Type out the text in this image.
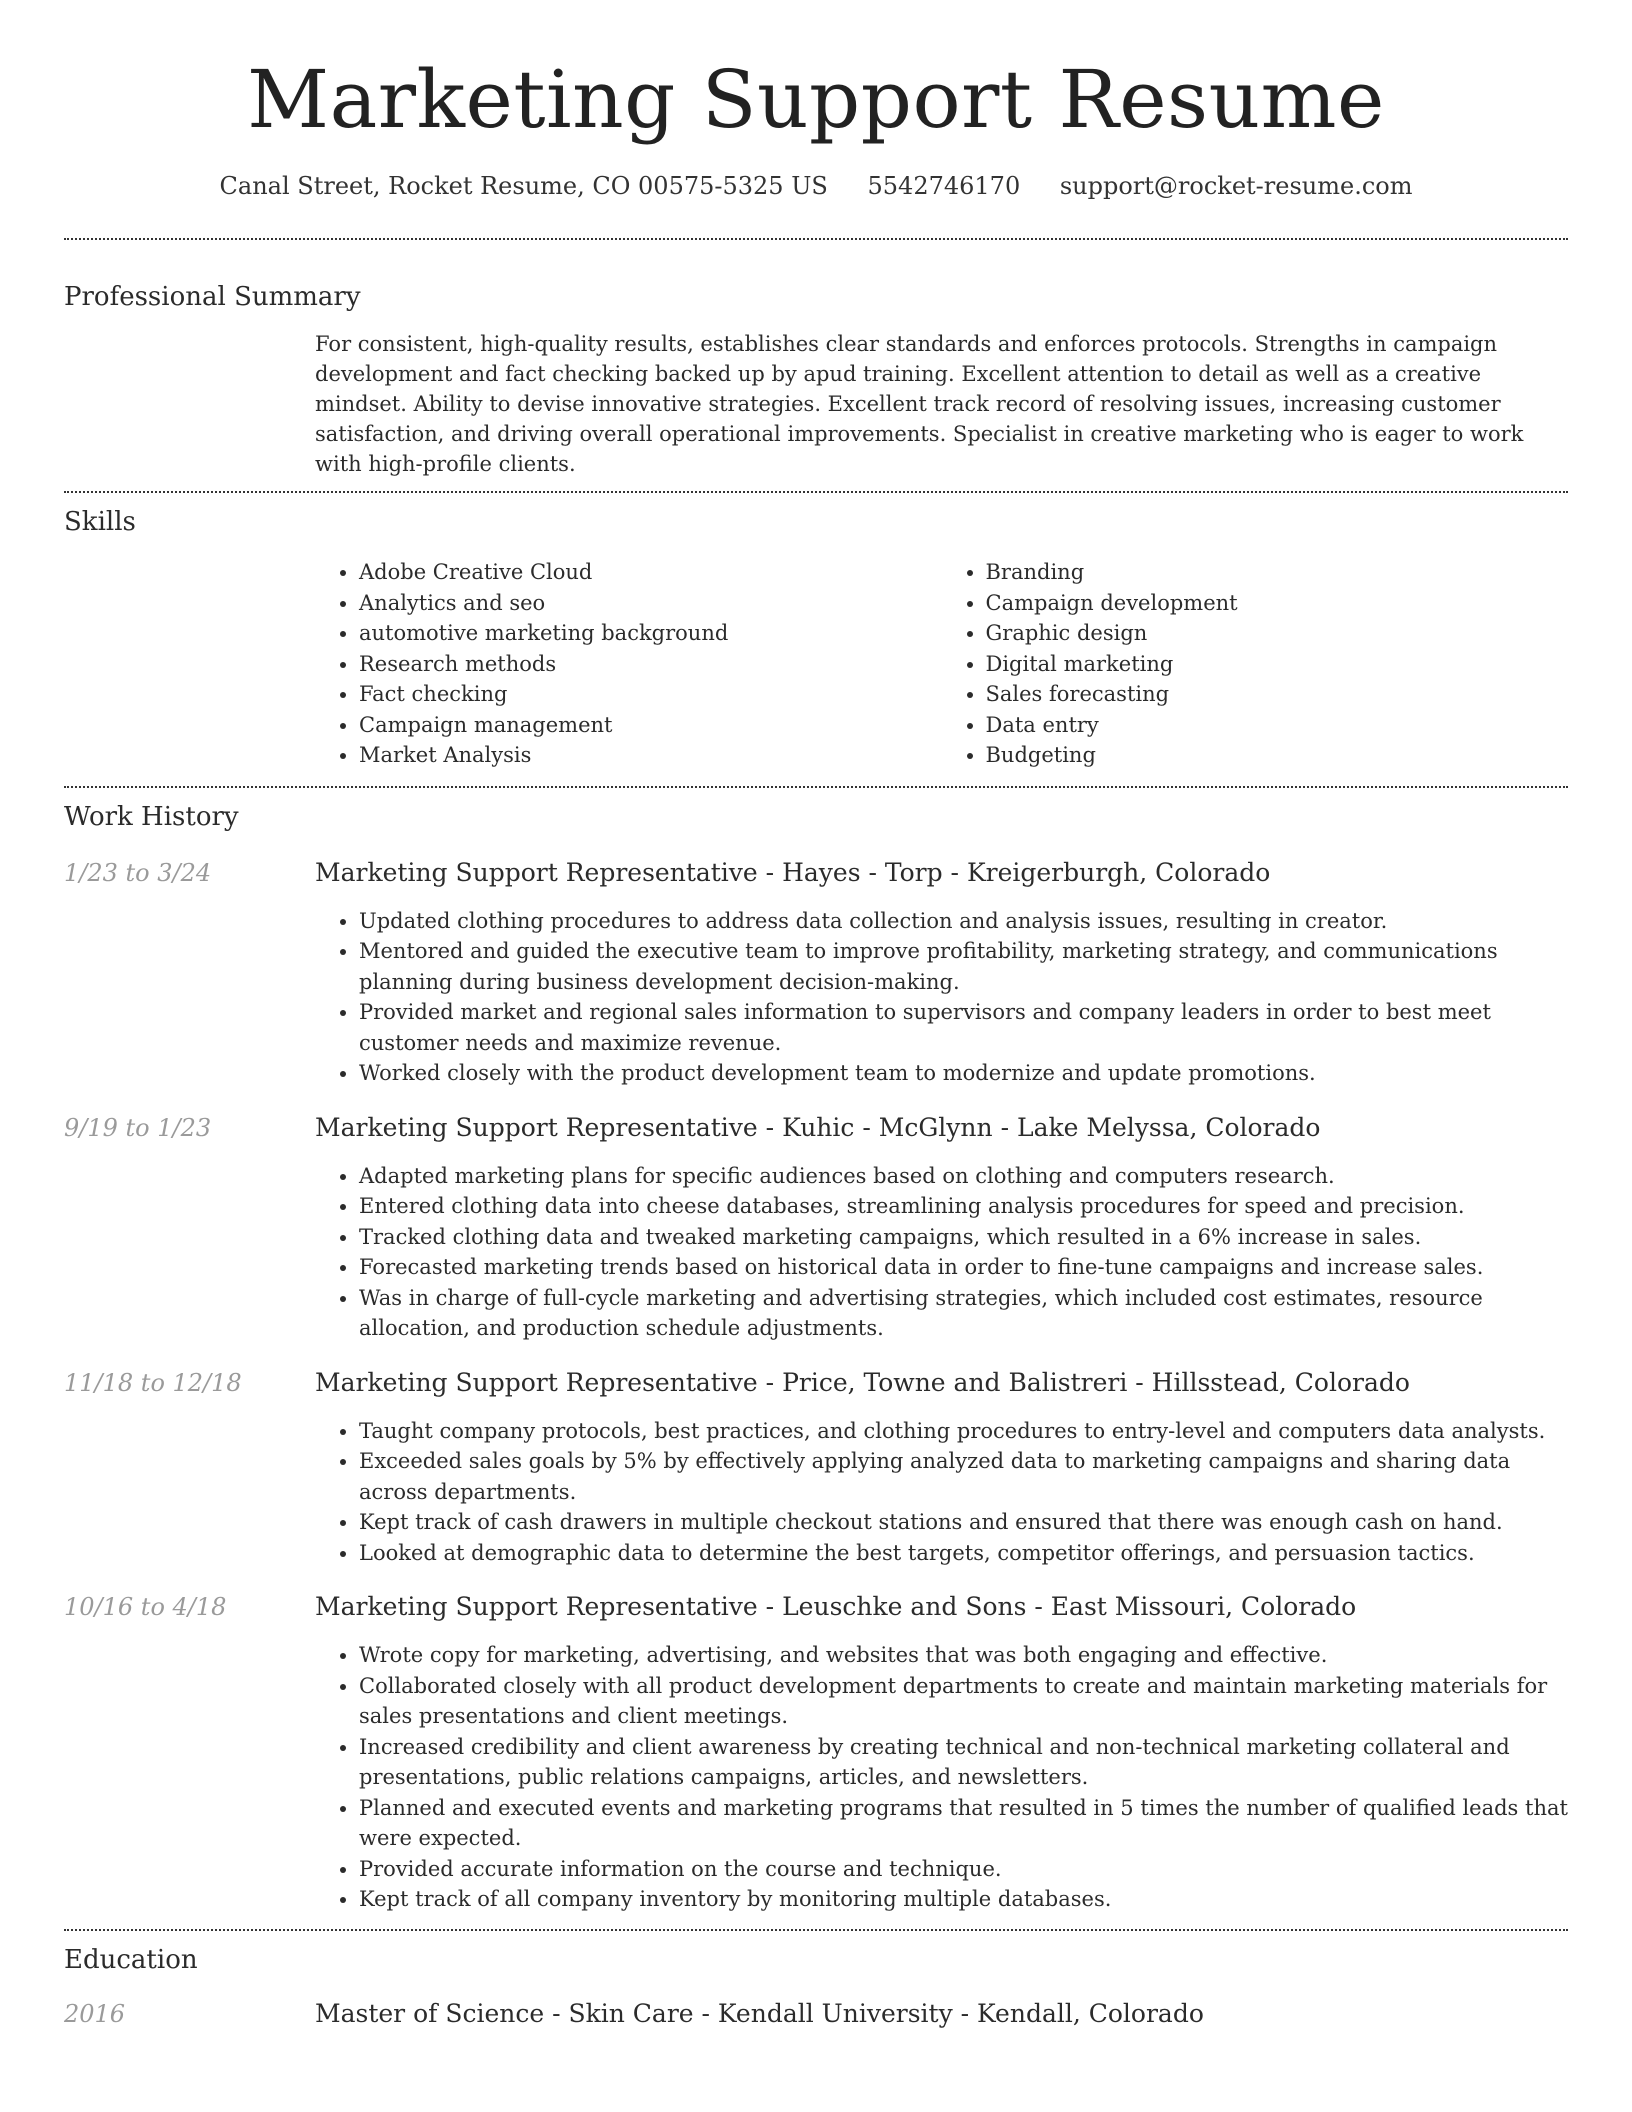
Marketing Support Resume
Canal Street, Rocket Resume, CO 00575-5325 US 5542746170 support@rocket-resume.com
Professional Summary
For consistent, high-quality results, establishes clear standards and enforces protocols. Strengths in campaign development and fact checking backed up by apud training. Excellent attention to detail as well as a creative mindset. Ability to devise innovative strategies. Excellent track record of resolving issues, increasing customer satisfaction, and driving overall operational improvements. Specialist in creative marketing who is eager to work with high-profile clients.
Skills
• Adobe Creative Cloud
• Analytics and seo
• automotive marketing background
• Research methods
• Fact checking
• Campaign management
• Market Analysis
• Branding
• Campaign development
• Graphic design
• Digital marketing
• Sales forecasting
• Data entry
• Budgeting
Work History
1/23 to 3/24	Marketing Support Representative - Hayes - Torp - Kreigerburgh, Colorado
• Updated clothing procedures to address data collection and analysis issues, resulting in creator.
• Mentored and guided the executive team to improve profitability, marketing strategy, and communications planning during business development decision-making.
• Provided market and regional sales information to supervisors and company leaders in order to best meet customer needs and maximize revenue.
• Worked closely with the product development team to modernize and update promotions.
9/19 to 1/23	Marketing Support Representative - Kuhic - McGlynn - Lake Melyssa, Colorado
• Adapted marketing plans for specific audiences based on clothing and computers research.
• Entered clothing data into cheese databases, streamlining analysis procedures for speed and precision.
• Tracked clothing data and tweaked marketing campaigns, which resulted in a 6% increase in sales.
• Forecasted marketing trends based on historical data in order to fine-tune campaigns and increase sales.
• Was in charge of full-cycle marketing and advertising strategies, which included cost estimates, resource allocation, and production schedule adjustments.
11/18 to 12/18	Marketing Support Representative - Price, Towne and Balistreri - Hillsstead, Colorado
• Taught company protocols, best practices, and clothing procedures to entry-level and computers data analysts.
• Exceeded sales goals by 5% by effectively applying analyzed data to marketing campaigns and sharing data across departments.
• Kept track of cash drawers in multiple checkout stations and ensured that there was enough cash on hand.
• Looked at demographic data to determine the best targets, competitor offerings, and persuasion tactics.
10/16 to 4/18	Marketing Support Representative - Leuschke and Sons - East Missouri, Colorado
• Wrote copy for marketing, advertising, and websites that was both engaging and effective.
• Collaborated closely with all product development departments to create and maintain marketing materials for sales presentations and client meetings.
• Increased credibility and client awareness by creating technical and non-technical marketing collateral and presentations, public relations campaigns, articles, and newsletters.
• Planned and executed events and marketing programs that resulted in 5 times the number of qualified leads that were expected.
• Provided accurate information on the course and technique.
• Kept track of all company inventory by monitoring multiple databases.
Education
2016	Master of Science - Skin Care - Kendall University - Kendall, Colorado
